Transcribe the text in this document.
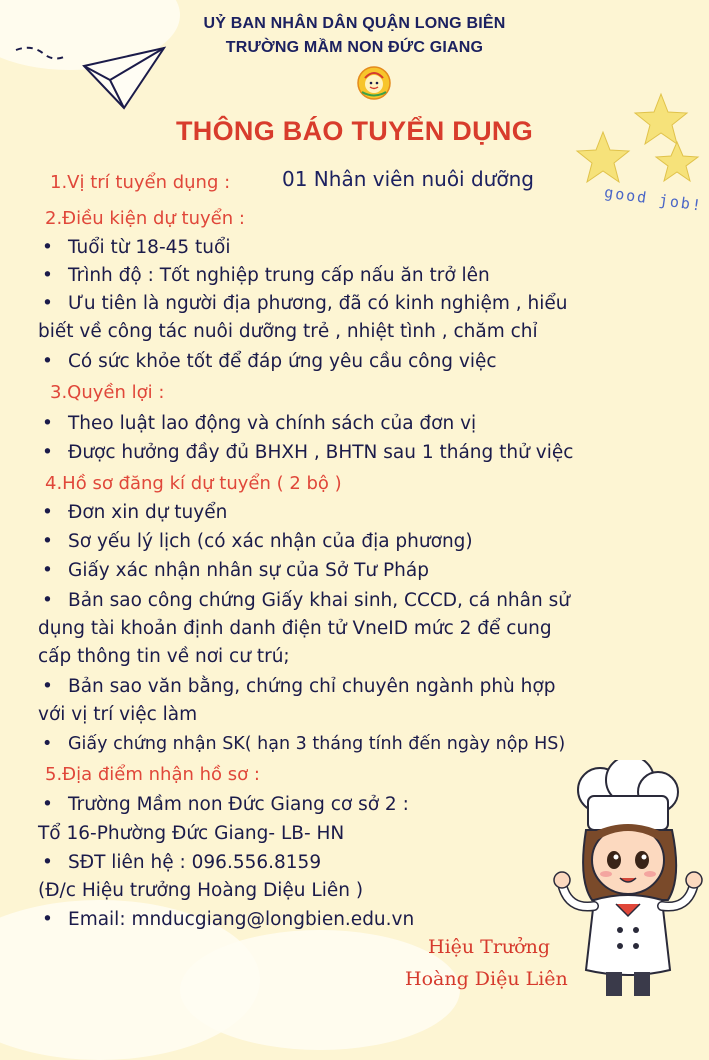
UỶ BAN NHÂN DÂN QUẬN LONG BIÊN
TRƯỜNG MẦM NON ĐỨC GIANG
THÔNG BÁO TUYỂN DỤNG
good job!
1.Vị trí tuyển dụng :	01 Nhân viên nuôi dưỡng
2.Điều kiện dự tuyển :
• Tuổi từ 18-45 tuổi
• Trình độ : Tốt nghiệp trung cấp nấu ăn trở lên
• Ưu tiên là người địa phương, đã có kinh nghiệm , hiểu
biết về công tác nuôi dưỡng trẻ , nhiệt tình , chăm chỉ
• Có sức khỏe tốt để đáp ứng yêu cầu công việc
3.Quyền lợi :
• Theo luật lao động và chính sách của đơn vị
• Được hưởng đầy đủ BHXH , BHTN sau 1 tháng thử việc
4.Hồ sơ đăng kí dự tuyển ( 2 bộ )
• Đơn xin dự tuyển
• Sơ yếu lý lịch (có xác nhận của địa phương)
• Giấy xác nhận nhân sự của Sở Tư Pháp
• Bản sao công chứng Giấy khai sinh, CCCD, cá nhân sử
dụng tài khoản định danh điện tử VneID mức 2 để cung
cấp thông tin về nơi cư trú;
• Bản sao văn bằng, chứng chỉ chuyên ngành phù hợp
với vị trí việc làm
• Giấy chứng nhận SK( hạn 3 tháng tính đến ngày nộp HS)
5.Địa điểm nhận hồ sơ :
• Trường Mầm non Đức Giang cơ sở 2 :
Tổ 16-Phường Đức Giang- LB- HN
• SĐT liên hệ : 096.556.8159
(Đ/c Hiệu trưởng Hoàng Diệu Liên )
• Email: mnducgiang@longbien.edu.vn
Hiệu Trưởng
Hoàng Diệu Liên
